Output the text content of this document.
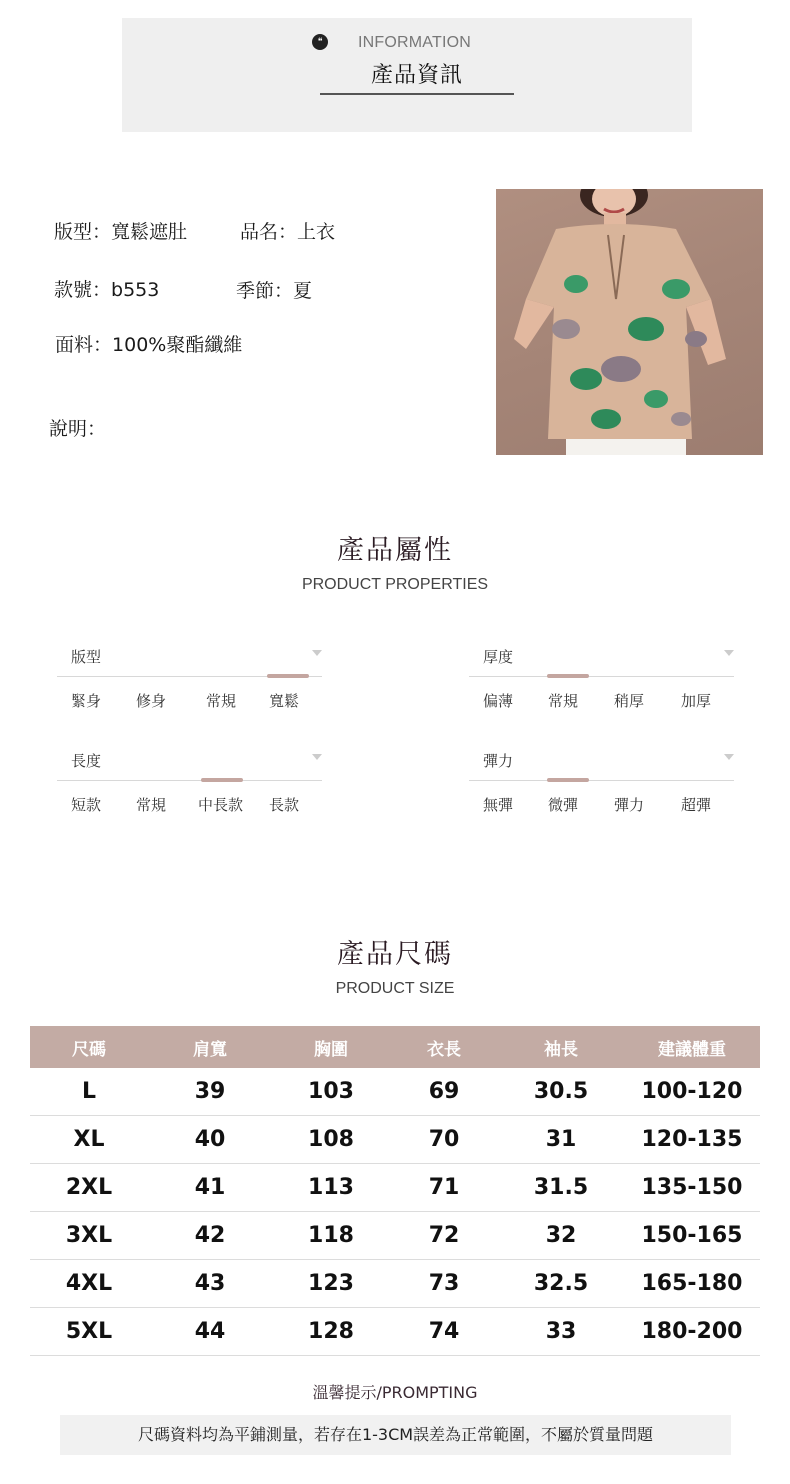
❝	INFORMATION
產品資訊
版型 ： 寬鬆遮肚	品名 ： 上衣
款號 ： b553	季節 ： 夏
面料 ： 100%聚酯纖維
說明 ：
產品屬性
PRODUCT PROPERTIES
版型
緊身 修身	常規 寬鬆
厚度
偏薄 常規 稍厚 加厚
長度
短款 常規 中長款 長款
彈力
無彈 微彈 彈力 超彈
產品尺碼
PRODUCT SIZE
尺碼	肩寬	胸圍	衣長	袖長	建議體重
L	39	103	69	30.5	100-120
XL	40	108	70	31	120-135
2XL	41	113	71	31.5	135-150
3XL	42	118	72	32	150-165
4XL	43	123	73	32.5	165-180
5XL	44	128	74	33	180-200
溫馨提示/PROMPTING
尺碼資料均為平鋪測量，若存在1-3CM誤差為正常範圍，不屬於質量問題
